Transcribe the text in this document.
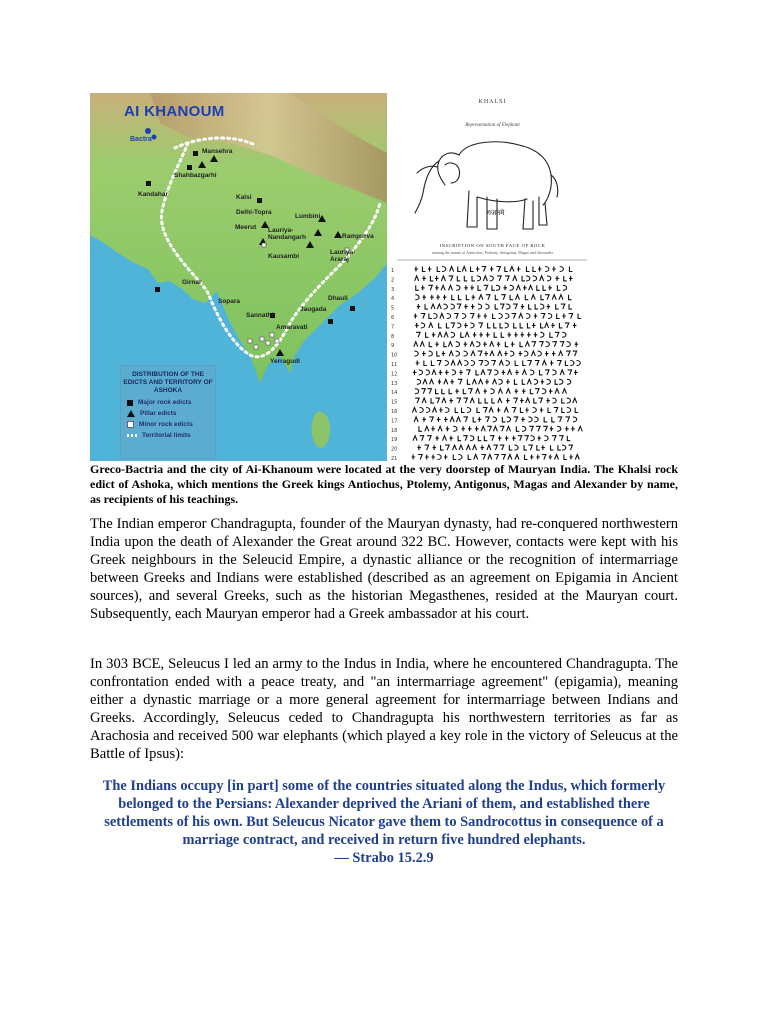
AI KHANOUM
Bactra
Mansehra
Shahbazgarhi
Kandahar	Kalsi
Delhi-Topra
Lumbini
Meerut Lauriya-Nandangarh	Rampurva
Kausambi
Lauriya-Araraj
Girnar
Sopara	Dhauli
Jaugada
Sannathi
Amaravati
Yerragudi
DISTRIBUTION OF THE EDICTS AND TERRITORY OF ASHOKA
Major rock edicts
Pillar edicts
Minor rock edicts
Territorial limits
KHALSI
Representation of Elephant
गजतमे
1
2
3
4
5
6
7
8
9
10
11
12
13
14
15
16
17
18
19
20
21
INSCRIPTION ON SOUTH FACE OF ROCK
naming the names of Antiochus, Ptolemy, Antigonus, Magas and Alexander
Greco-Bactria and the city of Ai-Khanoum were located at the very doorstep of Mauryan India. The Khalsi rock edict of Ashoka, which mentions the Greek kings Antiochus, Ptolemy, Antigonus, Magas and Alexander by name, as recipients of his teachings.

The Indian emperor Chandragupta, founder of the Mauryan dynasty, had re-conquered northwestern India upon the death of Alexander the Great around 322 BC. However, contacts were kept with his Greek neighbours in the Seleucid Empire, a dynastic alliance or the recognition of intermarriage between Greeks and Indians were established (described as an agreement on Epigamia in Ancient sources), and several Greeks, such as the historian Megasthenes, resided at the Mauryan court. Subsequently, each Mauryan emperor had a Greek ambassador at his court.

In 303 BCE, Seleucus I led an army to the Indus in India, where he encountered Chandragupta. The confrontation ended with a peace treaty, and "an intermarriage agreement" (epigamia), meaning either a dynastic marriage or a more general agreement for intermarriage between Indians and Greeks. Accordingly, Seleucus ceded to Chandragupta his northwestern territories as far as Arachosia and received 500 war elephants (which played a key role in the victory of Seleucus at the Battle of Ipsus):

The Indians occupy [in part] some of the countries situated along the Indus, which formerly belonged to the Persians: Alexander deprived the Ariani of them, and established there settlements of his own. But Seleucus Nicator gave them to Sandrocottus in consequence of a marriage contract, and received in return five hundred elephants.
— Strabo 15.2.9
